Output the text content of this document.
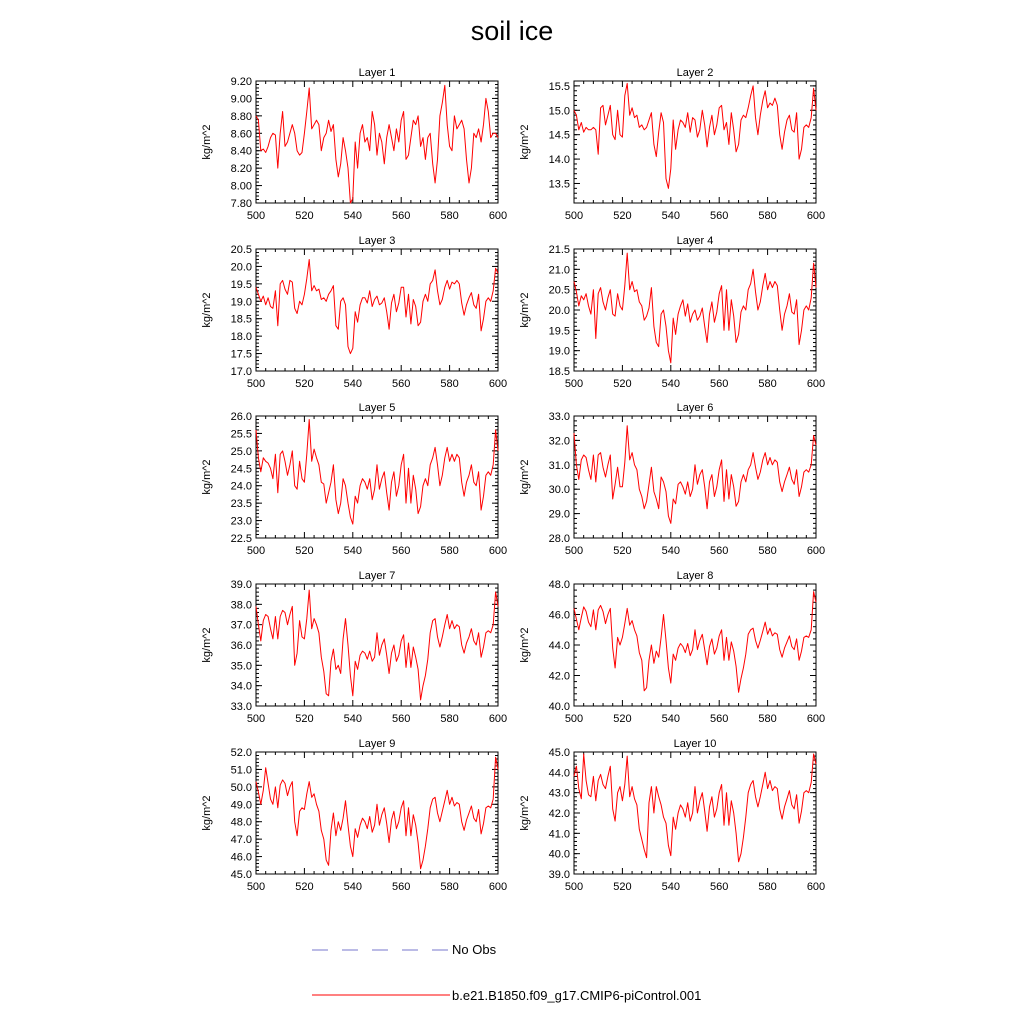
soil ice
Layer 1
kg/m^2
500	520	540	560	580	600
7.80
8.00
8.20
8.40
8.60
8.80
9.00
9.20
Layer 2
kg/m^2
500	520	540	560	580	600
13.5
14.0
14.5
15.0
15.5
Layer 3
kg/m^2
500	520	540	560	580	600
17.0
17.5
18.0
18.5
19.0
19.5
20.0
20.5
Layer 4
kg/m^2
500	520	540	560	580	600
18.5
19.0
19.5
20.0
20.5
21.0
21.5
Layer 5
kg/m^2
500	520	540	560	580	600
22.5
23.0
23.5
24.0
24.5
25.0
25.5
26.0
Layer 6
kg/m^2
500	520	540	560	580	600
28.0
29.0
30.0
31.0
32.0
33.0
Layer 7
kg/m^2
500	520	540	560	580	600
33.0
34.0
35.0
36.0
37.0
38.0
39.0
Layer 8
kg/m^2
500	520	540	560	580	600
40.0
42.0
44.0
46.0
48.0
Layer 9
kg/m^2
500	520	540	560	580	600
45.0
46.0
47.0
48.0
49.0
50.0
51.0
52.0
Layer 10
kg/m^2
500	520	540	560	580	600
39.0
40.0
41.0
42.0
43.0
44.0
45.0
No Obs
b.e21.B1850.f09_g17.CMIP6-piControl.001
